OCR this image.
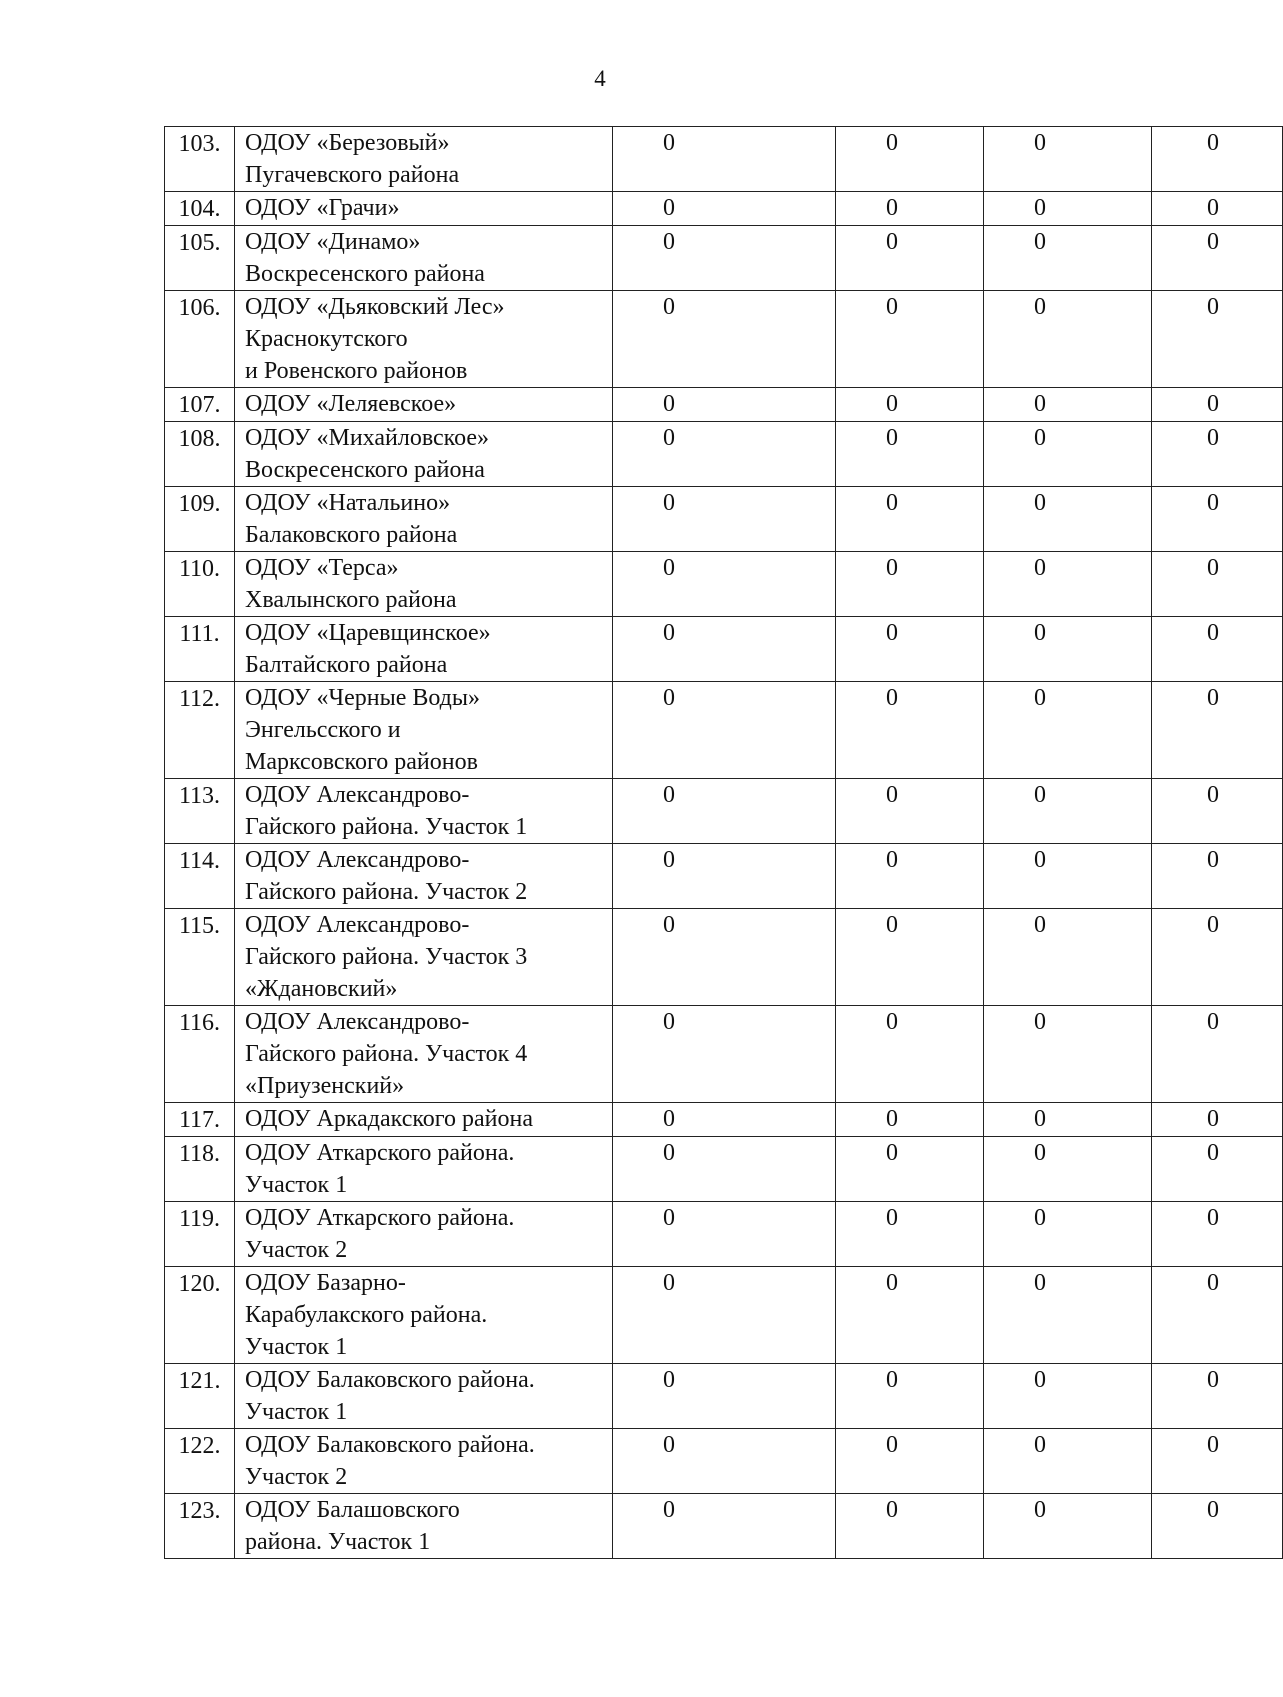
4
103.	ОДОУ «Березовый»
Пугачевского района	0	0	0	0
104.	ОДОУ «Грачи»	0	0	0	0
105.	ОДОУ «Динамо»
Воскресенского района	0	0	0	0
106.	ОДОУ «Дьяковский Лес»
Краснокутского
и Ровенского районов	0	0	0	0
107.	ОДОУ «Леляевское»	0	0	0	0
108.	ОДОУ «Михайловское»
Воскресенского района	0	0	0	0
109.	ОДОУ «Натальино»
Балаковского района	0	0	0	0
110.	ОДОУ «Терса»
Хвалынского района	0	0	0	0
111.	ОДОУ «Царевщинское»
Балтайского района	0	0	0	0
112.	ОДОУ «Черные Воды»
Энгельсского и
Марксовского районов	0	0	0	0
113.	ОДОУ Александрово-
Гайского района. Участок 1	0	0	0	0
114.	ОДОУ Александрово-
Гайского района. Участок 2	0	0	0	0
115.	ОДОУ Александрово-
Гайского района. Участок 3
«Ждановский»	0	0	0	0
116.	ОДОУ Александрово-
Гайского района. Участок 4
«Приузенский»	0	0	0	0
117.	ОДОУ Аркадакского района	0	0	0	0
118.	ОДОУ Аткарского района.
Участок 1	0	0	0	0
119.	ОДОУ Аткарского района.
Участок 2	0	0	0	0
120.	ОДОУ Базарно-
Карабулакского района.
Участок 1	0	0	0	0
121.	ОДОУ Балаковского района.
Участок 1	0	0	0	0
122.	ОДОУ Балаковского района.
Участок 2	0	0	0	0
123.	ОДОУ Балашовского
района. Участок 1	0	0	0	0
